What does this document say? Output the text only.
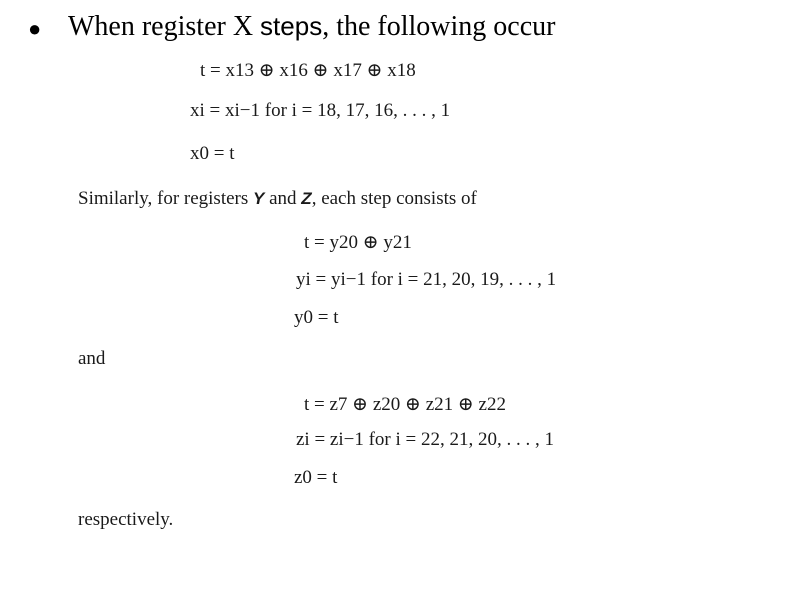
● When register X steps, the following occur
t = x13 ⊕ x16 ⊕ x17 ⊕ x18
xi = xi−1 for i = 18, 17, 16, . . . , 1
x0 = t
Similarly, for registers Y and Z, each step consists of
t = y20 ⊕ y21
yi = yi−1 for i = 21, 20, 19, . . . , 1
y0 = t
and
t = z7 ⊕ z20 ⊕ z21 ⊕ z22
zi = zi−1 for i = 22, 21, 20, . . . , 1
z0 = t
respectively.
